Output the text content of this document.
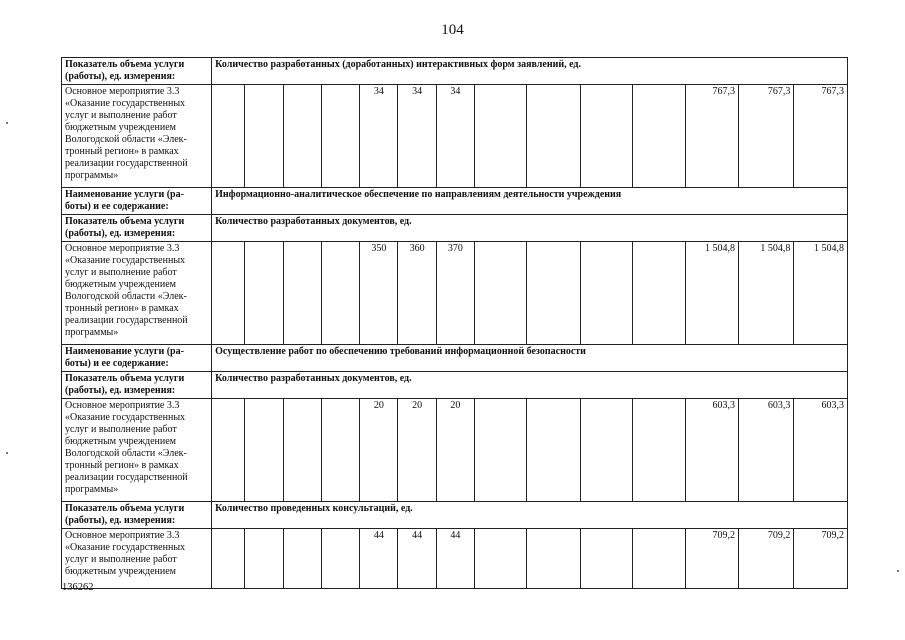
104
Показатель объема услуги (работы), ед. измерения:	Количество разработанных (доработанных) интерактивных форм заявлений, ед.													
Основное мероприятие 3.3 «Оказание государственных услуг и выполнение работ бюджетным учреждением Вологодской области «Элек-тронный регион» в рамках реализации государственной программы»					34	34	34					767,3	767,3	767,3
Наименование услуги (ра-боты) и ее содержание:	Информационно-аналитическое обеспечение по направлениям деятельности учреждения													
Показатель объема услуги (работы), ед. измерения:	Количество разработанных документов, ед.													
Основное мероприятие 3.3 «Оказание государственных услуг и выполнение работ бюджетным учреждением Вологодской области «Элек-тронный регион» в рамках реализации государственной программы»					350	360	370					1 504,8	1 504,8	1 504,8
Наименование услуги (ра-боты) и ее содержание:	Осуществление работ по обеспечению требований информационной безопасности													
Показатель объема услуги (работы), ед. измерения:	Количество разработанных документов, ед.													
Основное мероприятие 3.3 «Оказание государственных услуг и выполнение работ бюджетным учреждением Вологодской области «Элек-тронный регион» в рамках реализации государственной программы»					20	20	20					603,3	603,3	603,3
Показатель объема услуги (работы), ед. измерения:	Количество проведенных консультаций, ед.													
Основное мероприятие 3.3 «Оказание государственных услуг и выполнение работ бюджетным учреждением					44	44	44					709,2	709,2	709,2
136262
